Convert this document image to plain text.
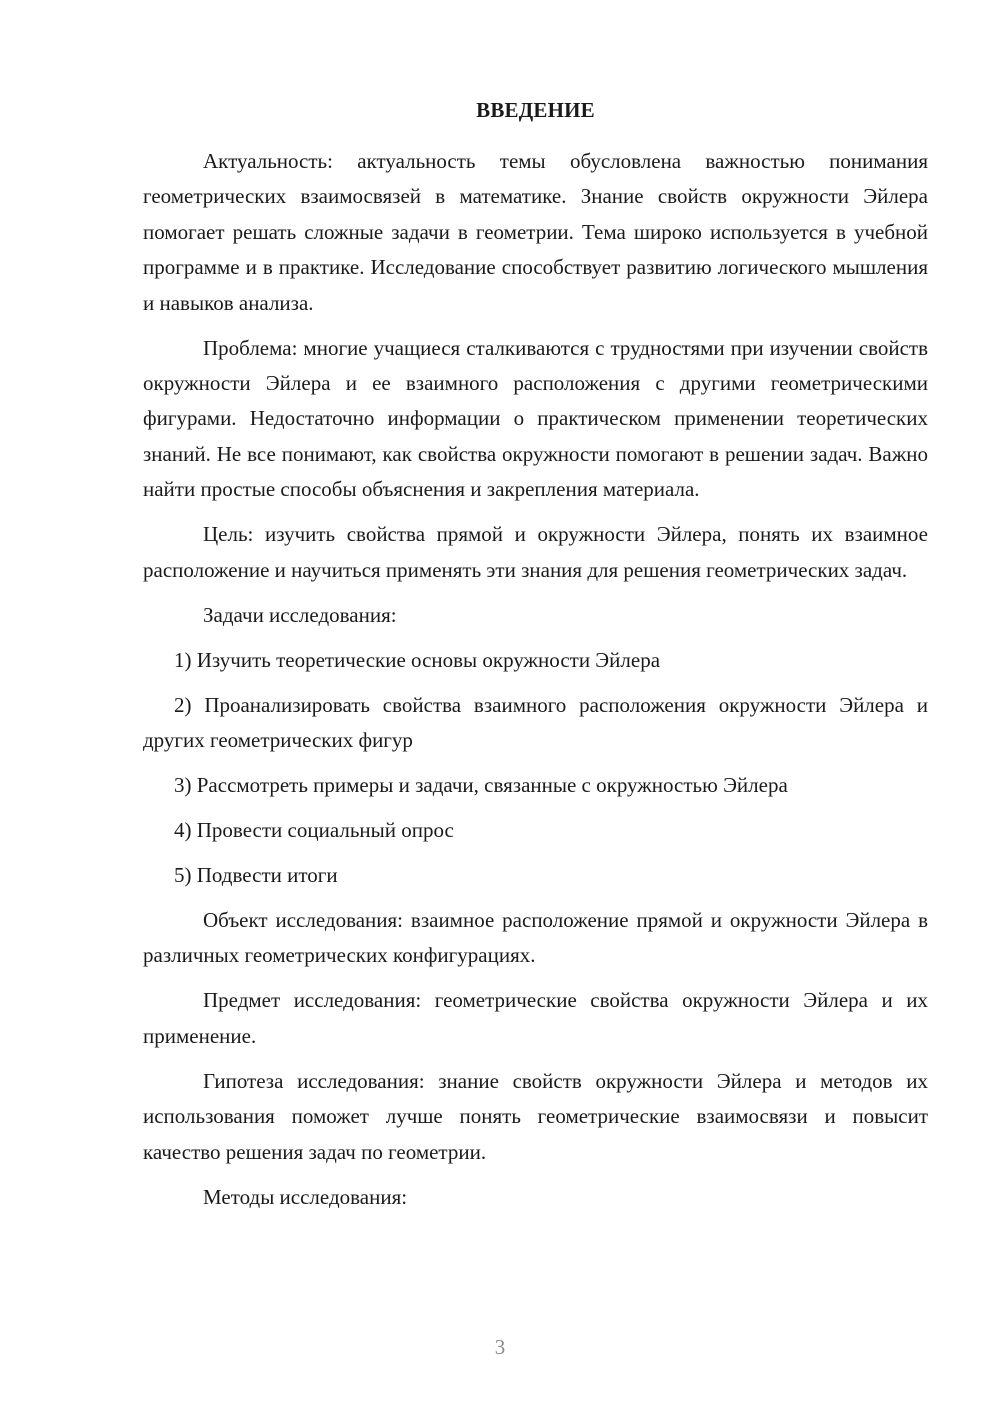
ВВЕДЕНИЕ

Актуальность: актуальность темы обусловлена важностью понимания геометрических взаимосвязей в математике. Знание свойств окружности Эйлера помогает решать сложные задачи в геометрии. Тема широко используется в учебной программе и в практике. Исследование способствует развитию логического мышления и навыков анализа.

Проблема: многие учащиеся сталкиваются с трудностями при изучении свойств окружности Эйлера и ее взаимного расположения с другими геометрическими фигурами. Недостаточно информации о практическом применении теоретических знаний. Не все понимают, как свойства окружности помогают в решении задач. Важно найти простые способы объяснения и закрепления материала.

Цель: изучить свойства прямой и окружности Эйлера, понять их взаимное расположение и научиться применять эти знания для решения геометрических задач.

Задачи исследования:

1) Изучить теоретические основы окружности Эйлера

2) Проанализировать свойства взаимного расположения окружности Эйлера и других геометрических фигур

3) Рассмотреть примеры и задачи, связанные с окружностью Эйлера

4) Провести социальный опрос

5) Подвести итоги

Объект исследования: взаимное расположение прямой и окружности Эйлера в различных геометрических конфигурациях.

Предмет исследования: геометрические свойства окружности Эйлера и их применение.

Гипотеза исследования: знание свойств окружности Эйлера и методов их использования поможет лучше понять геометрические взаимосвязи и повысит качество решения задач по геометрии.

Методы исследования:

3
